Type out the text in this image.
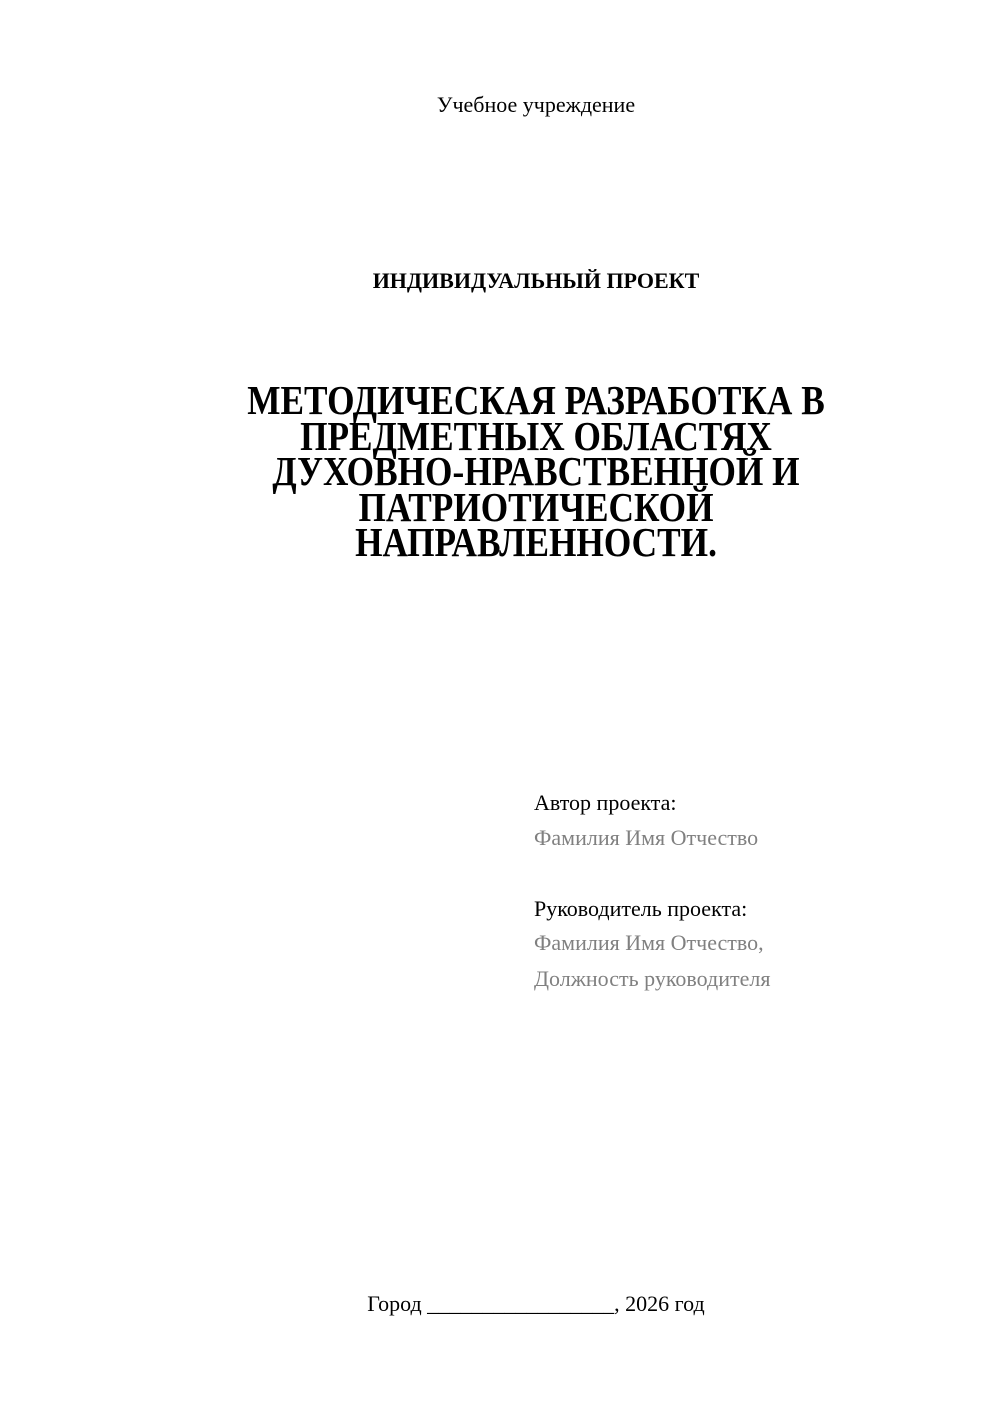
Учебное учреждение
ИНДИВИДУАЛЬНЫЙ ПРОЕКТ
МЕТОДИЧЕСКАЯ РАЗРАБОТКА В
ПРЕДМЕТНЫХ ОБЛАСТЯХ
ДУХОВНО-НРАВСТВЕННОЙ И
ПАТРИОТИЧЕСКОЙ
НАПРАВЛЕННОСТИ.
Автор проекта:
Фамилия Имя Отчество
Руководитель проекта:
Фамилия Имя Отчество,
Должность руководителя
Город _________________, 2026 год
